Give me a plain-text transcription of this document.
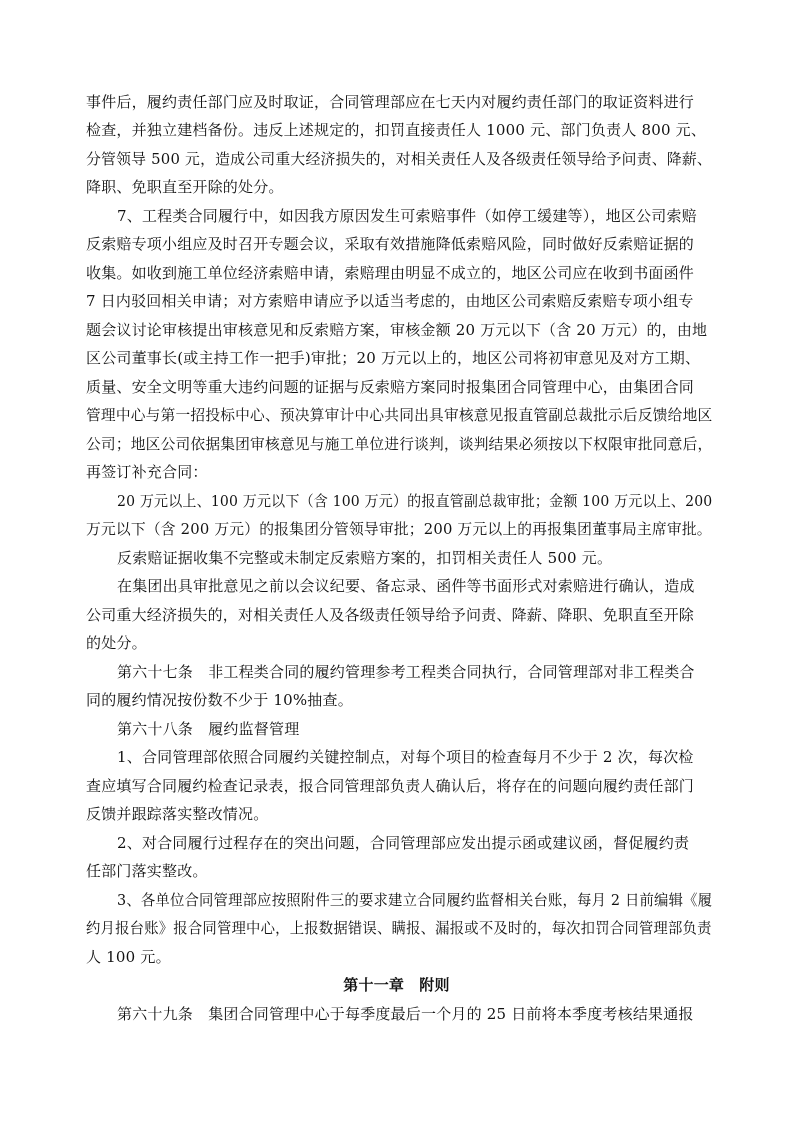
事件后，履约责任部门应及时取证，合同管理部应在七天内对履约责任部门的取证资料进行
检查，并独立建档备份。违反上述规定的，扣罚直接责任人 1000 元、部门负责人 800 元、
分管领导 500 元，造成公司重大经济损失的，对相关责任人及各级责任领导给予问责、降薪、
降职、免职直至开除的处分。
7、工程类合同履行中，如因我方原因发生可索赔事件（如停工缓建等），地区公司索赔
反索赔专项小组应及时召开专题会议，采取有效措施降低索赔风险，同时做好反索赔证据的
收集。如收到施工单位经济索赔申请，索赔理由明显不成立的，地区公司应在收到书面函件
7 日内驳回相关申请；对方索赔申请应予以适当考虑的，由地区公司索赔反索赔专项小组专
题会议讨论审核提出审核意见和反索赔方案，审核金额 20 万元以下（含 20 万元）的，由地
区公司董事长(或主持工作一把手)审批；20 万元以上的，地区公司将初审意见及对方工期、
质量、安全文明等重大违约问题的证据与反索赔方案同时报集团合同管理中心，由集团合同
管理中心与第一招投标中心、预决算审计中心共同出具审核意见报直管副总裁批示后反馈给地区
公司；地区公司依据集团审核意见与施工单位进行谈判，谈判结果必须按以下权限审批同意后，
再签订补充合同：
20 万元以上、100 万元以下（含 100 万元）的报直管副总裁审批；金额 100 万元以上、200
万元以下（含 200 万元）的报集团分管领导审批；200 万元以上的再报集团董事局主席审批。
反索赔证据收集不完整或未制定反索赔方案的，扣罚相关责任人 500 元。
在集团出具审批意见之前以会议纪要、备忘录、函件等书面形式对索赔进行确认，造成
公司重大经济损失的，对相关责任人及各级责任领导给予问责、降薪、降职、免职直至开除
的处分。
第六十七条　非工程类合同的履约管理参考工程类合同执行，合同管理部对非工程类合
同的履约情况按份数不少于 10%抽查。
第六十八条　履约监督管理
1、合同管理部依照合同履约关键控制点，对每个项目的检查每月不少于 2 次，每次检
查应填写合同履约检查记录表，报合同管理部负责人确认后，将存在的问题向履约责任部门
反馈并跟踪落实整改情况。
2、对合同履行过程存在的突出问题，合同管理部应发出提示函或建议函，督促履约责
任部门落实整改。
3、各单位合同管理部应按照附件三的要求建立合同履约监督相关台账，每月 2 日前编辑《履
约月报台账》报合同管理中心，上报数据错误、瞒报、漏报或不及时的，每次扣罚合同管理部负责
人 100 元。
第十一章　附则
第六十九条　集团合同管理中心于每季度最后一个月的 25 日前将本季度考核结果通报
